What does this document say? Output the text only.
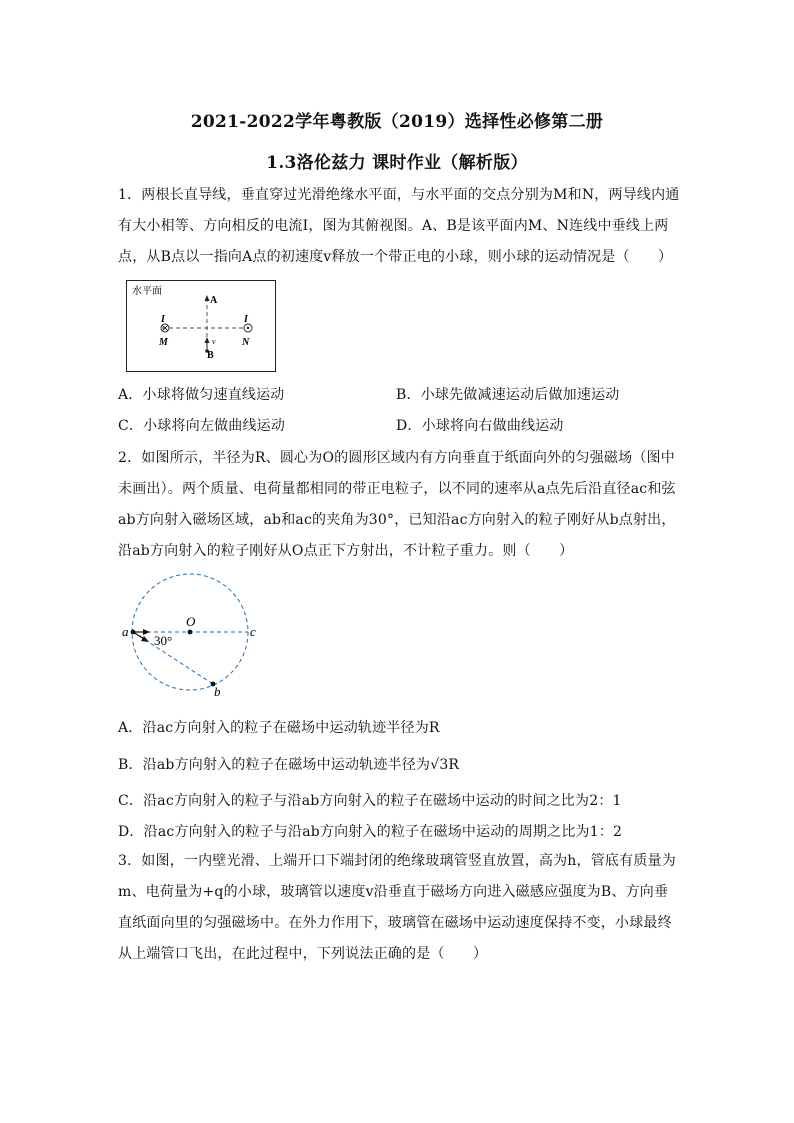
2021-2022学年粤教版（2019）选择性必修第二册
1.3洛伦兹力 课时作业（解析版）
1．两根长直导线，垂直穿过光滑绝缘水平面，与水平面的交点分别为M和N，两导线内通有大小相等、方向相反的电流I，图为其俯视图。A、B是该平面内M、N连线中垂线上两点，从B点以一指向A点的初速度v释放一个带正电的小球，则小球的运动情况是（　　）
水平面
A
I
M
I
N
v
B
A．小球将做匀速直线运动	B．小球先做减速运动后做加速运动
C．小球将向左做曲线运动	D．小球将向右做曲线运动
2．如图所示，半径为R、圆心为O的圆形区域内有方向垂直于纸面向外的匀强磁场（图中未画出）。两个质量、电荷量都相同的带正电粒子，以不同的速率从a点先后沿直径ac和弦ab方向射入磁场区域，ab和ac的夹角为30°，已知沿ac方向射入的粒子刚好从b点射出，沿ab方向射入的粒子刚好从O点正下方射出，不计粒子重力。则（　　）
a
O
c
b
30°
A．沿ac方向射入的粒子在磁场中运动轨迹半径为R
B．沿ab方向射入的粒子在磁场中运动轨迹半径为√3R
C．沿ac方向射入的粒子与沿ab方向射入的粒子在磁场中运动的时间之比为2：1
D．沿ac方向射入的粒子与沿ab方向射入的粒子在磁场中运动的周期之比为1：2
3．如图，一内壁光滑、上端开口下端封闭的绝缘玻璃管竖直放置，高为h，管底有质量为m、电荷量为+q的小球，玻璃管以速度v沿垂直于磁场方向进入磁感应强度为B、方向垂直纸面向里的匀强磁场中。在外力作用下，玻璃管在磁场中运动速度保持不变，小球最终从上端管口飞出，在此过程中，下列说法正确的是（　　）
